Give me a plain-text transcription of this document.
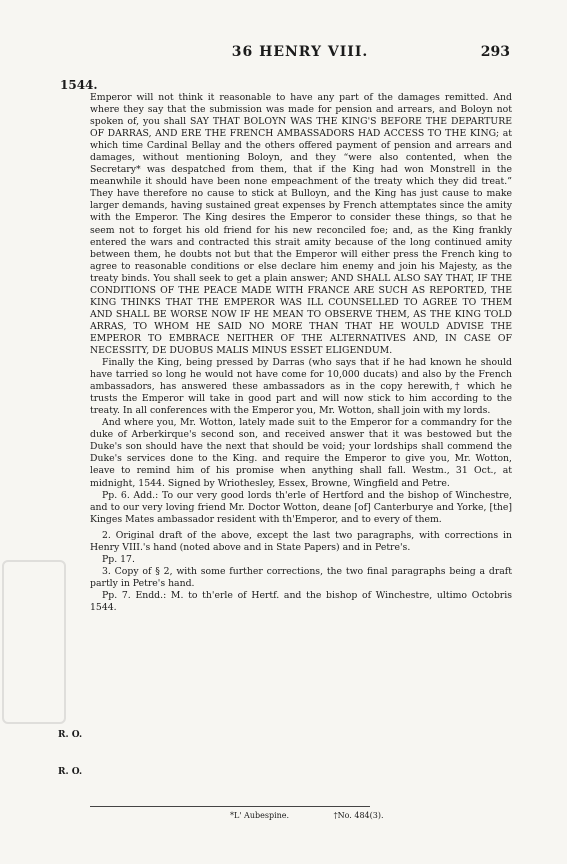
36 HENRY VIII.	293
1544.

Emperor will not think it reasonable to have any part of the damages remitted. And where they say that the submission was made for pension and arrears, and Boloyn not spoken of, you shall SAY THAT BOLOYN WAS THE KING'S BEFORE THE DEPARTURE OF DARRAS, AND ERE THE FRENCH AMBASSADORS HAD ACCESS TO THE KING; at which time Cardinal Bellay and the others offered payment of pension and arrears and damages, without mentioning Boloyn, and they “were also contented, when the Secretary* was despatched from them, that if the King had won Monstrell in the meanwhile it should have been none empeachment of the treaty which they did treat.” They have therefore no cause to stick at Bulloyn, and the King has just cause to make larger demands, having sustained great expenses by French attemptates since the amity with the Emperor. The King desires the Emperor to consider these things, so that he seem not to forget his old friend for his new reconciled foe; and, as the King frankly entered the wars and contracted this strait amity because of the long continued amity between them, he doubts not but that the Emperor will either press the French king to agree to reasonable conditions or else declare him enemy and join his Majesty, as the treaty binds. You shall seek to get a plain answer; AND SHALL ALSO SAY THAT, IF THE CONDITIONS OF THE PEACE MADE WITH FRANCE ARE SUCH AS REPORTED, THE KING THINKS THAT THE EMPEROR WAS ILL COUNSELLED TO AGREE TO THEM AND SHALL BE WORSE NOW IF HE MEAN TO OBSERVE THEM, AS THE KING TOLD ARRAS, TO WHOM HE SAID NO MORE THAN THAT HE WOULD ADVISE THE EMPEROR TO EMBRACE NEITHER OF THE ALTERNATIVES AND, IN CASE OF NECESSITY, DE DUOBUS MALIS MINUS ESSET ELIGENDUM.

Finally the King, being pressed by Darras (who says that if he had known he should have tarried so long he would not have come for 10,000 ducats) and also by the French ambassadors, has answered these ambassadors as in the copy herewith,† which he trusts the Emperor will take in good part and will now stick to him according to the treaty. In all conferences with the Emperor you, Mr. Wotton, shall join with my lords.

And where you, Mr. Wotton, lately made suit to the Emperor for a commandry for the duke of Arberkirque's second son, and received answer that it was bestowed but the Duke's son should have the next that should be void; your lordships shall commend the Duke's services done to the King. and require the Emperor to give you, Mr. Wotton, leave to remind him of his promise when anything shall fall. Westm., 31 Oct., at midnight, 1544. Signed by Wriothesley, Essex, Browne, Wingfield and Petre.

Pp. 6. Add.: To our very good lords th'erle of Hertford and the bishop of Winchestre, and to our very loving friend Mr. Doctor Wotton, deane [of] Canterburye and Yorke, [the] Kinges Mates ambassador resident with th'Emperor, and to every of them.

2. Original draft of the above, except the last two paragraphs, with corrections in Henry VIII.'s hand (noted above and in State Papers) and in Petre's.

Pp. 17.

3. Copy of § 2, with some further corrections, the two final paragraphs being a draft partly in Petre's hand.

Pp. 7. Endd.: M. to th'erle of Hertf. and the bishop of Winchestre, ultimo Octobris 1544.

R. O.
R. O.
*L' Aubespine.	†No. 484(3).
